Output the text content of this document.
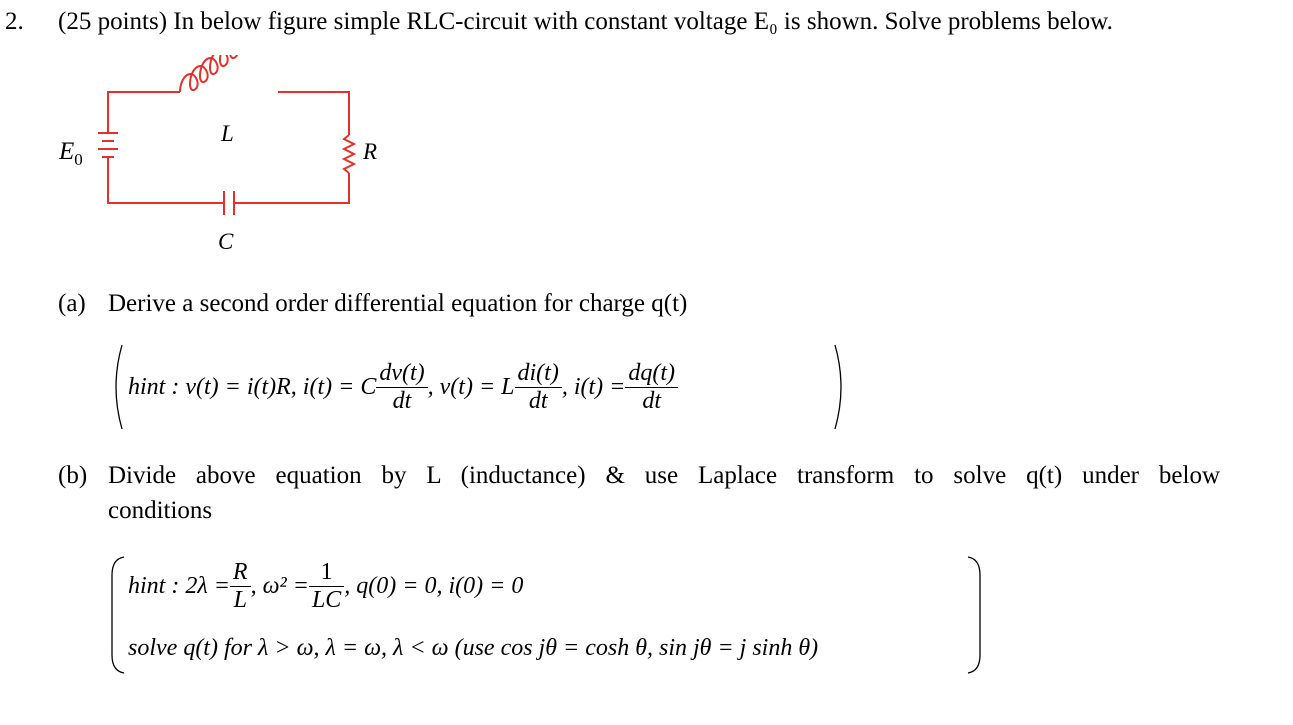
2. (25 points) In below figure simple RLC-circuit with constant voltage E₀ is shown. Solve problems below.
$E_0$
L
R
C
(a) Derive a second order differential equation for charge q(t)
hint : v(t) = i(t)R, i(t) = C $\frac{dv(t)}{dt}$ , v(t) = L $\frac{di(t)}{dt}$ , $i(t) = \frac{dq(t)}{dt}$
(b) Divide above equation by L (inductance) & use Laplace transform to solve q(t) under below
conditions
hint : $2\lambda = \frac{R}{L}$ , $\omega^2 = \frac{1}{LC}$ , q(0) = 0, i(0) = 0
solve q(t) for λ > ω, λ = ω, λ < ω (use cos jθ = cosh θ, sin jθ = j sinh θ)
